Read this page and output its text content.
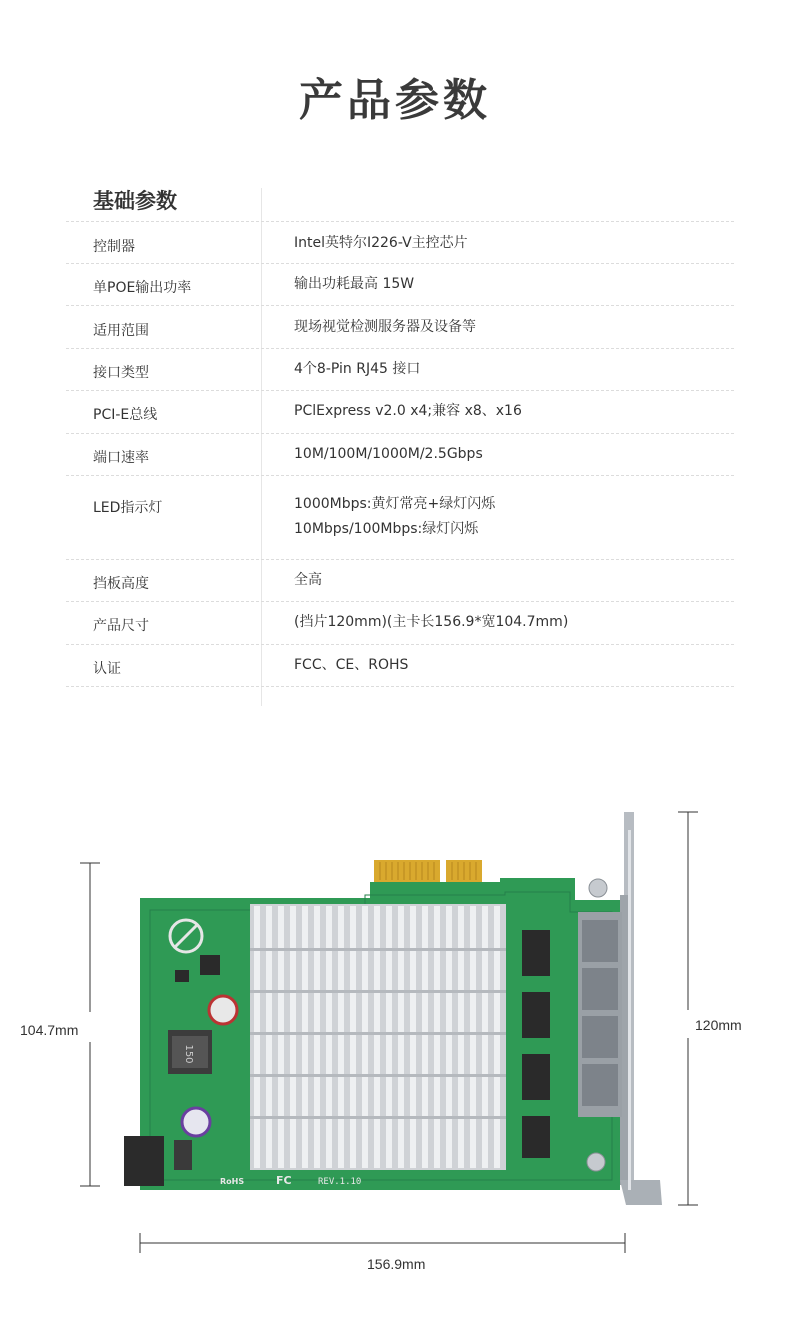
产品参数
基础参数
控制器	Intel英特尔I226-V主控芯片
单POE输出功率	输出功耗最高 15W
适用范围	现场视觉检测服务器及设备等
接口类型	4个8-Pin RJ45 接口
PCI-E总线	PClExpress v2.0 x4;兼容 x8、x16
端口速率	10M/100M/1000M/2.5Gbps
LED指示灯	1000Mbps:黄灯常亮+绿灯闪烁
10Mbps/100Mbps:绿灯闪烁
挡板高度	全高
产品尺寸	(挡片120mm)(主卡长156.9*宽104.7mm)
认证	FCC、CE、ROHS
104.7mm	120mm
156.9mm
150
REV.1.10
RoHS	FC
